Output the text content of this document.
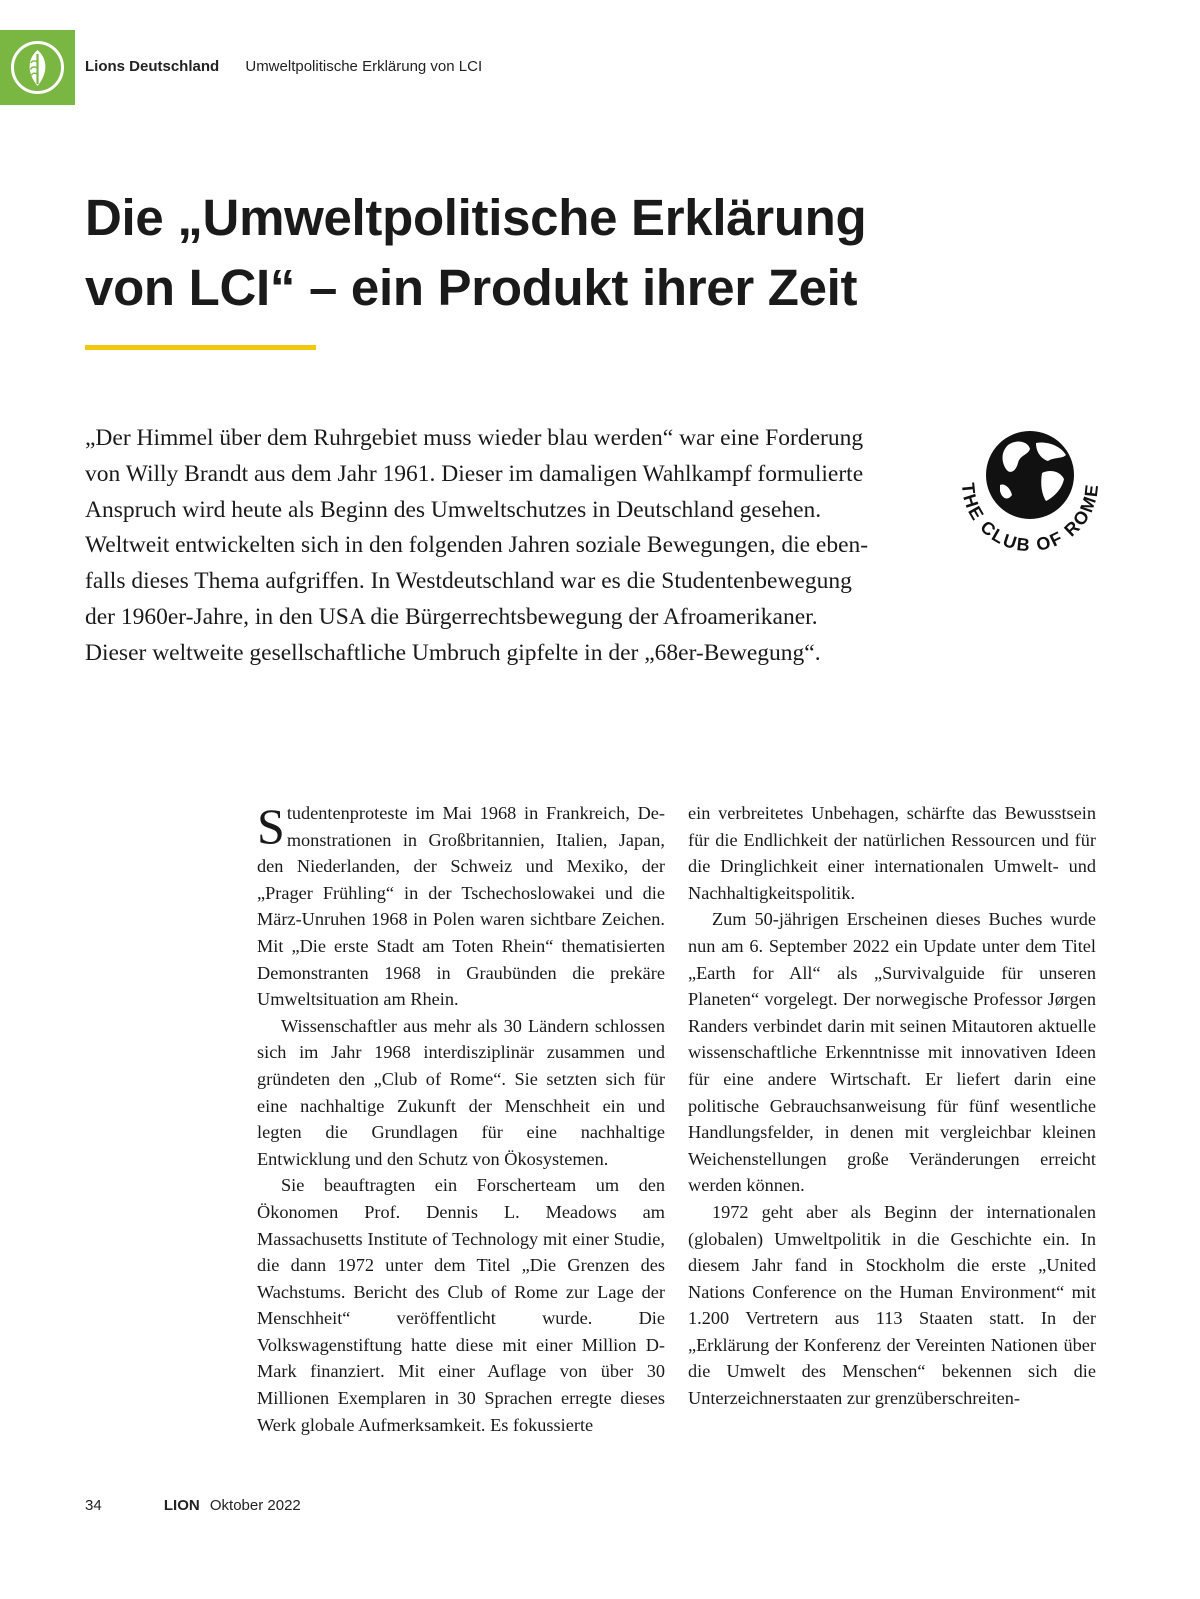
Lions Deutschland Umweltpolitische Erklärung von LCI
Die „Umweltpolitische Erklärung
von LCI“ – ein Produkt ihrer Zeit
„Der Himmel über dem Ruhrgebiet muss wieder blau werden“ war eine Forderung
von Willy Brandt aus dem Jahr 1961. Dieser im damaligen Wahlkampf formulierte
Anspruch wird heute als Beginn des Umweltschutzes in Deutschland gesehen.
Weltweit entwickelten sich in den folgenden Jahren soziale Bewegungen, die eben-
falls dieses Thema aufgriffen. In Westdeutschland war es die Studentenbewegung
der 1960er-Jahre, in den USA die Bürgerrechtsbewegung der Afroamerikaner.
Dieser weltweite gesellschaftliche Umbruch gipfelte in der „68er-Bewegung“.
THE CLUB OF ROME

Studentenproteste im Mai 1968 in Frankreich, De-monstrationen in Großbritannien, Italien, Japan, den Niederlanden, der Schweiz und Mexiko, der „Prager Frühling“ in der Tschechoslowakei und die März-Unruhen 1968 in Polen waren sichtbare Zeichen. Mit „Die erste Stadt am Toten Rhein“ thematisierten Demonstranten 1968 in Graubünden die prekäre Umweltsituation am Rhein.

Wissenschaftler aus mehr als 30 Ländern schlossen sich im Jahr 1968 interdisziplinär zusammen und gründeten den „Club of Rome“. Sie setzten sich für eine nachhaltige Zukunft der Menschheit ein und legten die Grundlagen für eine nachhaltige Entwicklung und den Schutz von Ökosystemen.

Sie beauftragten ein Forscherteam um den Ökonomen Prof. Dennis L. Meadows am Massachusetts Institute of Technology mit einer Studie, die dann 1972 unter dem Titel „Die Grenzen des Wachstums. Bericht des Club of Rome zur Lage der Menschheit“ veröffentlicht wurde. Die Volkswagenstiftung hatte diese mit einer Million D-Mark finanziert. Mit einer Auflage von über 30 Millionen Exemplaren in 30 Sprachen erregte dieses Werk globale Aufmerksamkeit. Es fokussierte

ein verbreitetes Unbehagen, schärfte das Bewusstsein für die Endlichkeit der natürlichen Ressourcen und für die Dringlichkeit einer internationalen Umwelt- und Nachhaltigkeitspolitik.

Zum 50-jährigen Erscheinen dieses Buches wurde nun am 6. September 2022 ein Update unter dem Titel „Earth for All“ als „Survivalguide für unseren Planeten“ vorgelegt. Der norwegische Professor Jørgen Randers verbindet darin mit seinen Mitautoren aktuelle wissenschaftliche Erkenntnisse mit innovativen Ideen für eine andere Wirtschaft. Er liefert darin eine politische Gebrauchsanweisung für fünf wesentliche Handlungsfelder, in denen mit vergleichbar kleinen Weichenstellungen große Veränderungen erreicht werden können.

1972 geht aber als Beginn der internationalen (globalen) Umweltpolitik in die Geschichte ein. In diesem Jahr fand in Stockholm die erste „United Nations Conference on the Human Environment“ mit 1.200 Vertretern aus 113 Staaten statt. In der „Erklärung der Konferenz der Vereinten Nationen über die Umwelt des Menschen“ bekennen sich die Unterzeichnerstaaten zur grenzüberschreiten-

34	LION Oktober 2022
